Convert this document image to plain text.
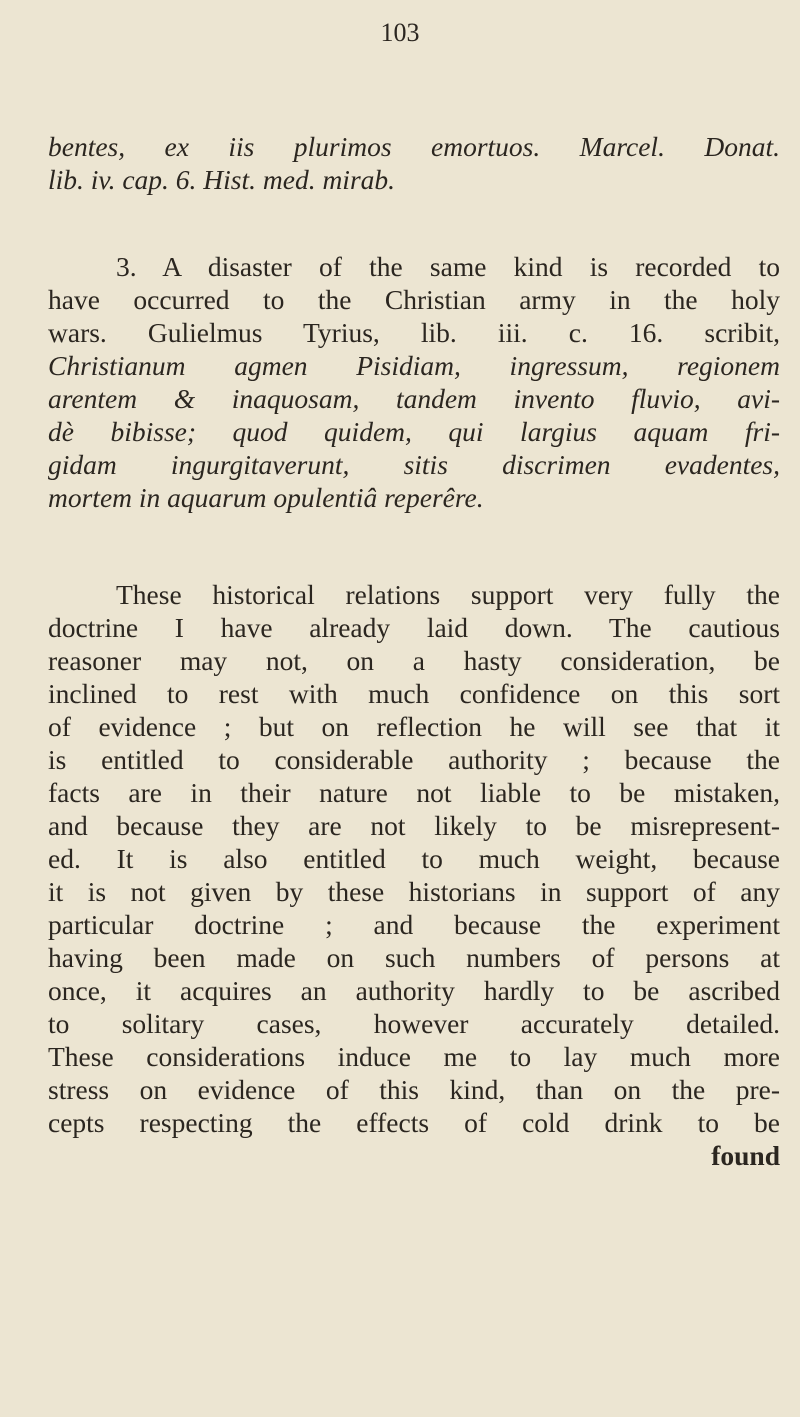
103
bentes, ex iis plurimos emortuos. Marcel. Donat.
lib. iv. cap. 6. Hist. med. mirab.
3. A disaster of the same kind is recorded to
have occurred to the Christian army in the holy
wars. Gulielmus Tyrius, lib. iii. c. 16. scribit,
Christianum agmen Pisidiam, ingressum, regionem
arentem & inaquosam, tandem invento fluvio, avi-
dè bibisse; quod quidem, qui largius aquam fri-
gidam ingurgitaverunt, sitis discrimen evadentes,
mortem in aquarum opulentiâ reperêre.
These historical relations support very fully the
doctrine I have already laid down. The cautious
reasoner may not, on a hasty consideration, be
inclined to rest with much confidence on this sort
of evidence ; but on reflection he will see that it
is entitled to considerable authority ; because the
facts are in their nature not liable to be mistaken,
and because they are not likely to be misrepresent-
ed. It is also entitled to much weight, because
it is not given by these historians in support of any
particular doctrine ; and because the experiment
having been made on such numbers of persons at
once, it acquires an authority hardly to be ascribed
to solitary cases, however accurately detailed.
These considerations induce me to lay much more
stress on evidence of this kind, than on the pre-
cepts respecting the effects of cold drink to be
found
